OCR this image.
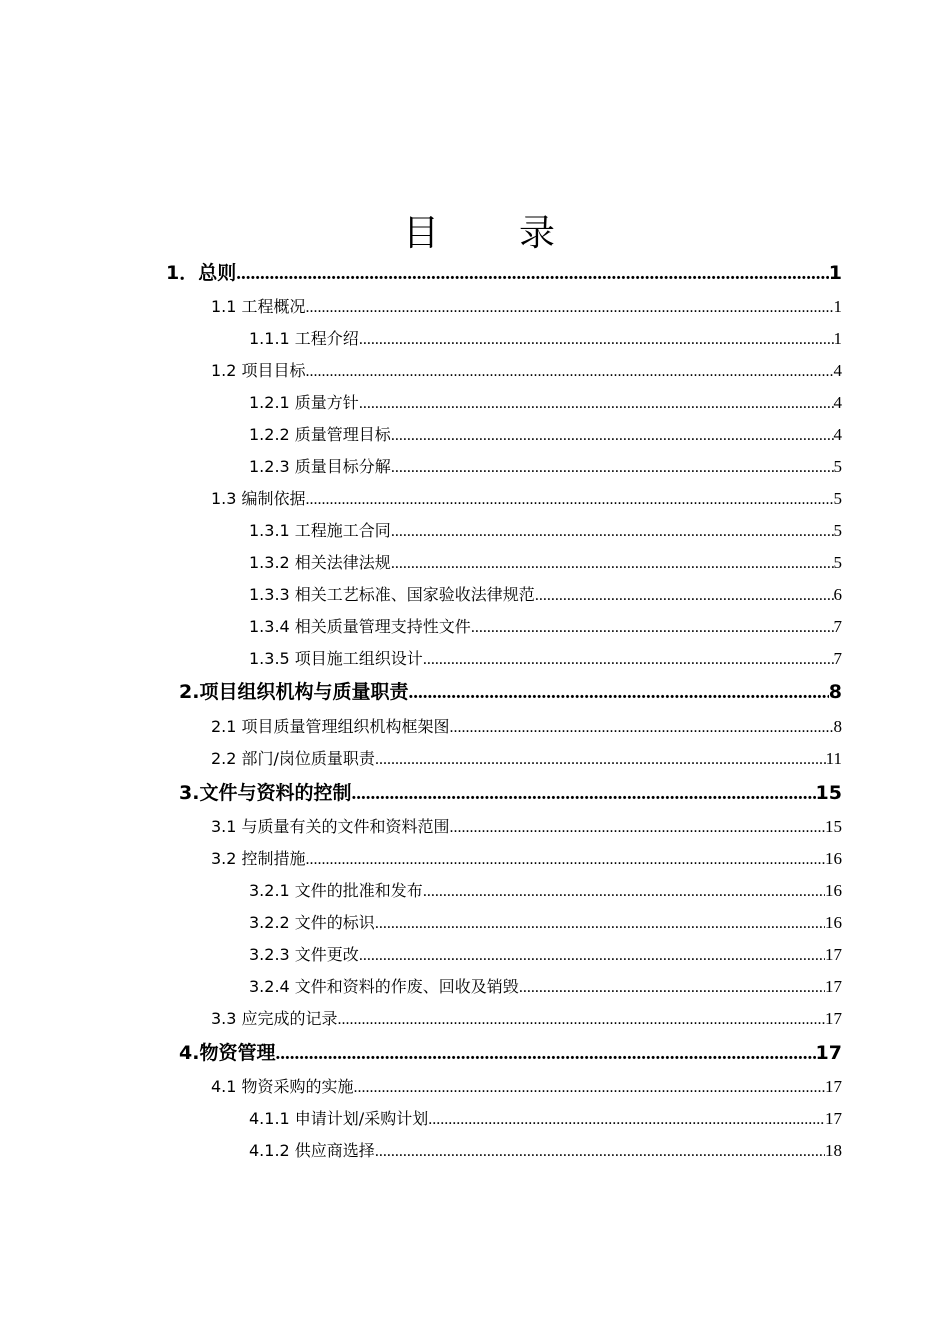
目　录
1．总则 .....	1
1.1 工程概况 .....	1
1.1.1 工程介绍 .....	1
1.2 项目目标 .....	4
1.2.1 质量方针 .....	4
1.2.2 质量管理目标 .....	4
1.2.3 质量目标分解 .....	5
1.3 编制依据 .....	5
1.3.1 工程施工合同 .....	5
1.3.2 相关法律法规 .....	5
1.3.3 相关工艺标准、国家验收法律规范 .....	6
1.3.4 相关质量管理支持性文件 .....	7
1.3.5 项目施工组织设计 .....	7
2.项目组织机构与质量职责 .....	8
2.1 项目质量管理组织机构框架图 .....	8
2.2 部门/岗位质量职责 .....	11
3.文件与资料的控制 .....	15
3.1 与质量有关的文件和资料范围 .....	15
3.2 控制措施 .....	16
3.2.1 文件的批准和发布 .....	16
3.2.2 文件的标识 .....	16
3.2.3 文件更改 .....	17
3.2.4 文件和资料的作废、回收及销毁 .....	17
3.3 应完成的记录 .....	17
4.物资管理 .....	17
4.1 物资采购的实施 .....	17
4.1.1 申请计划/采购计划 .....	17
4.1.2 供应商选择 .....	18
